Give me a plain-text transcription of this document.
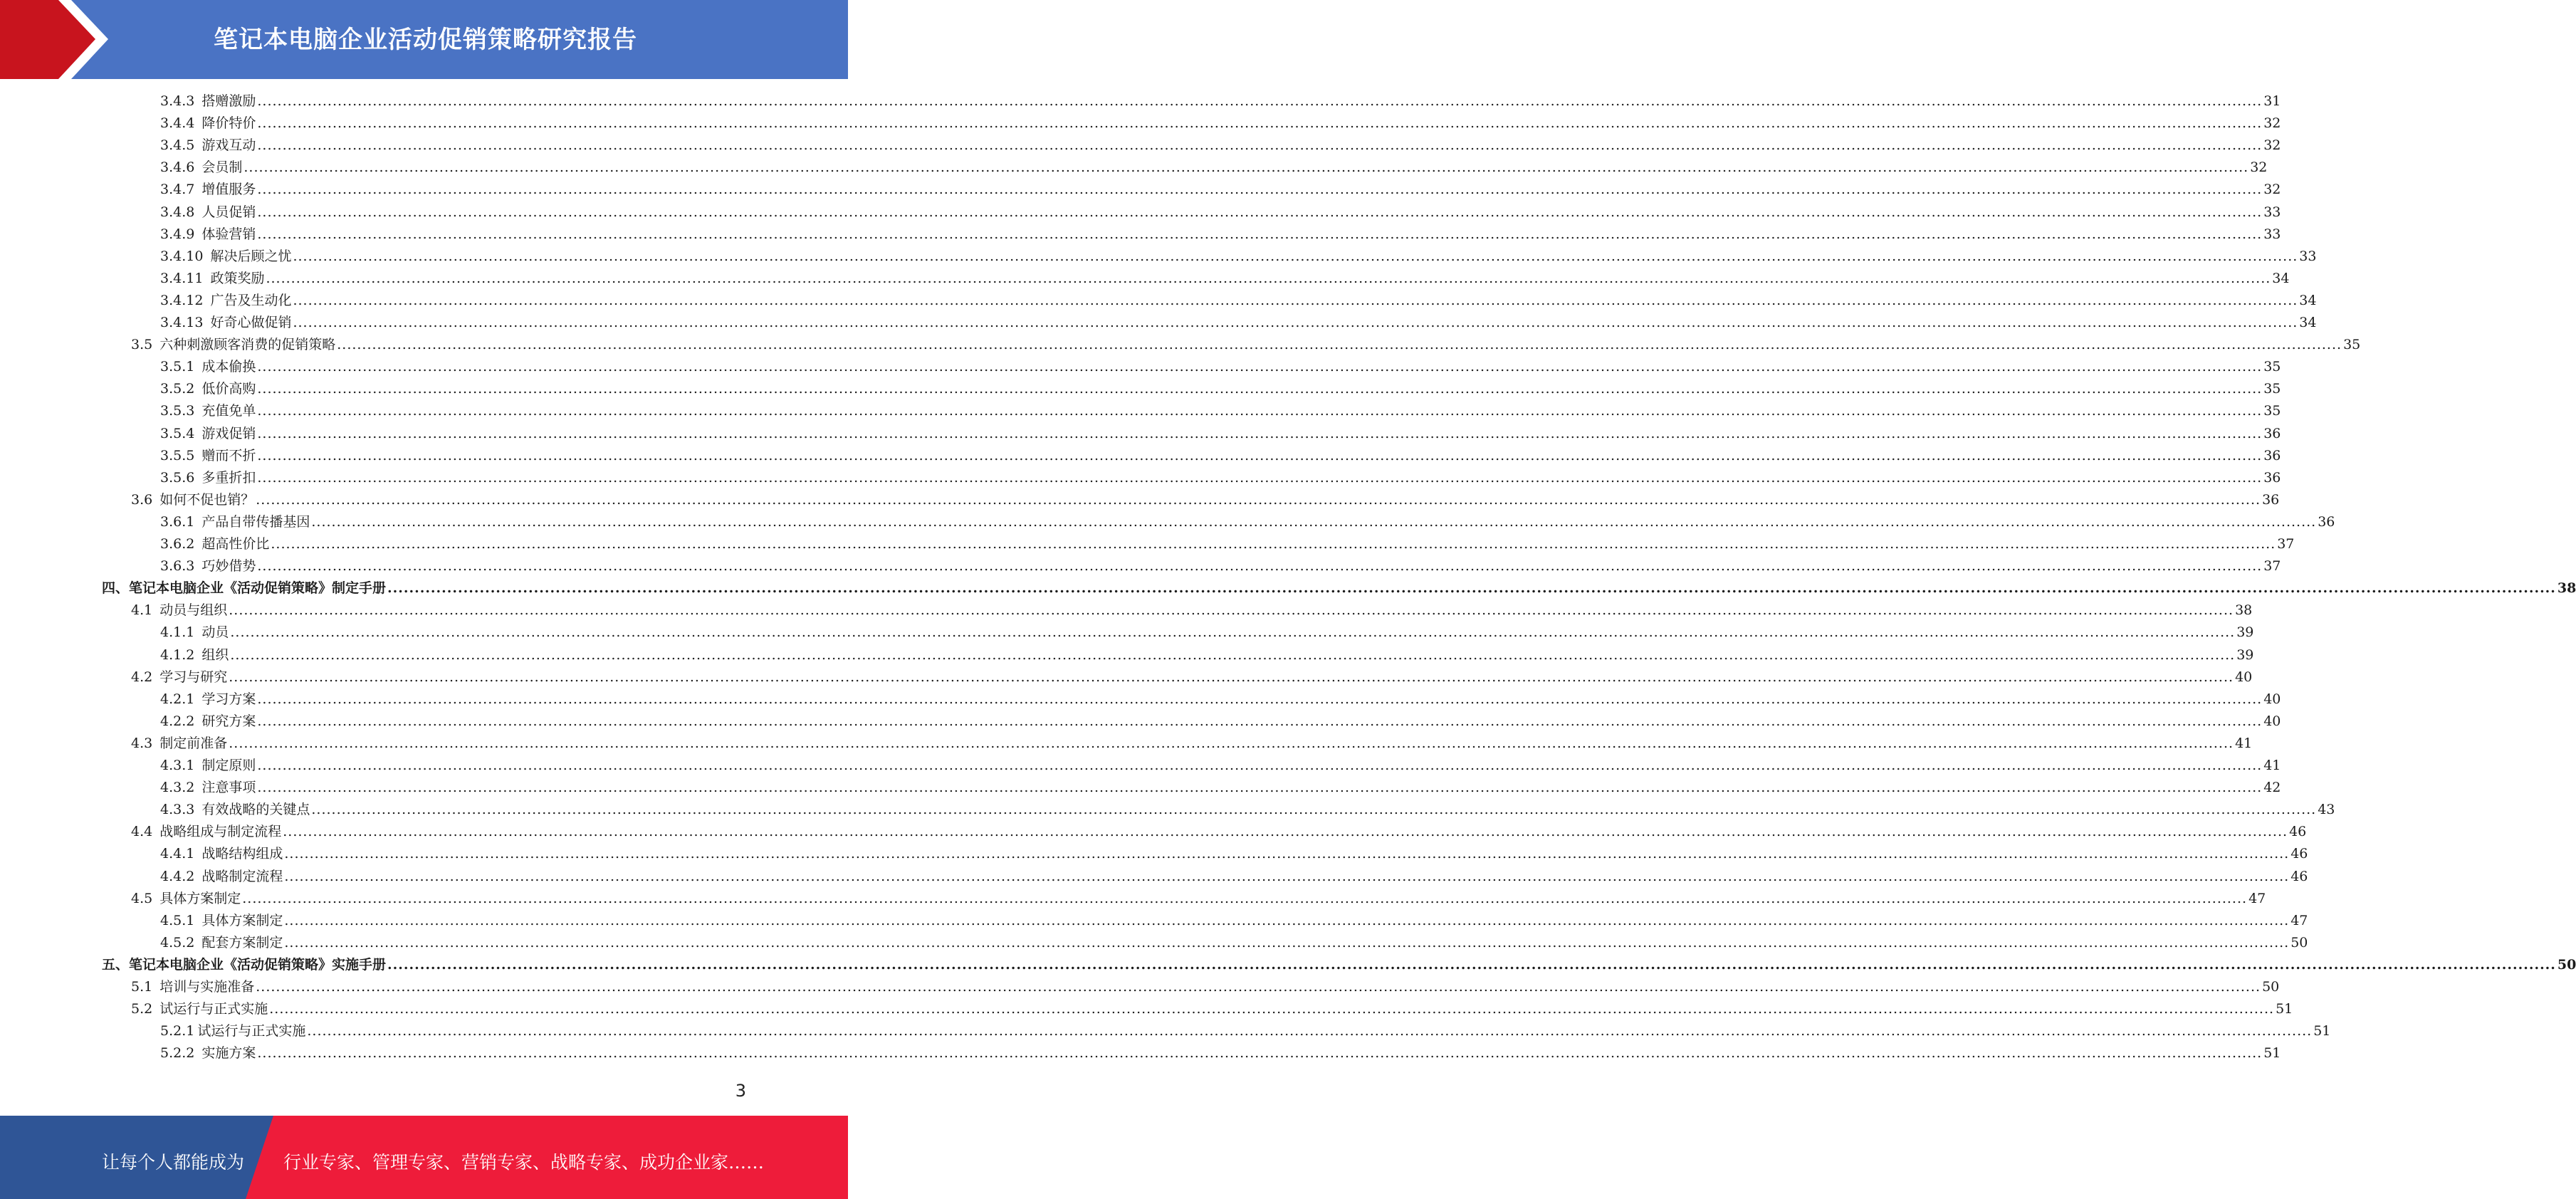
笔记本电脑企业活动促销策略研究报告
3.4.3 搭赠激励 ................................................................................................................................................................................................................................................................................................................................................................................................................ 31
3.4.4 降价特价 ................................................................................................................................................................................................................................................................................................................................................................................................................ 32
3.4.5 游戏互动 ................................................................................................................................................................................................................................................................................................................................................................................................................ 32
3.4.6 会员制 ................................................................................................................................................................................................................................................................................................................................................................................................................ 32
3.4.7 增值服务 ................................................................................................................................................................................................................................................................................................................................................................................................................ 32
3.4.8 人员促销 ................................................................................................................................................................................................................................................................................................................................................................................................................ 33
3.4.9 体验营销 ................................................................................................................................................................................................................................................................................................................................................................................................................ 33
3.4.10 解决后顾之忧 ................................................................................................................................................................................................................................................................................................................................................................................................................ 33
3.4.11 政策奖励 ................................................................................................................................................................................................................................................................................................................................................................................................................ 34
3.4.12 广告及生动化 ................................................................................................................................................................................................................................................................................................................................................................................................................ 34
3.4.13 好奇心做促销 ................................................................................................................................................................................................................................................................................................................................................................................................................ 34
3.5 六种刺激顾客消费的促销策略 ................................................................................................................................................................................................................................................................................................................................................................................................................ 35
3.5.1 成本偷换 ................................................................................................................................................................................................................................................................................................................................................................................................................ 35
3.5.2 低价高购 ................................................................................................................................................................................................................................................................................................................................................................................................................ 35
3.5.3 充值免单 ................................................................................................................................................................................................................................................................................................................................................................................................................ 35
3.5.4 游戏促销 ................................................................................................................................................................................................................................................................................................................................................................................................................ 36
3.5.5 赠而不折 ................................................................................................................................................................................................................................................................................................................................................................................................................ 36
3.5.6 多重折扣 ................................................................................................................................................................................................................................................................................................................................................................................................................ 36
3.6 如何不促也销？ ................................................................................................................................................................................................................................................................................................................................................................................................................ 36
3.6.1 产品自带传播基因 ................................................................................................................................................................................................................................................................................................................................................................................................................ 36
3.6.2 超高性价比 ................................................................................................................................................................................................................................................................................................................................................................................................................ 37
3.6.3 巧妙借势 ................................................................................................................................................................................................................................................................................................................................................................................................................ 37
四、笔记本电脑企业《活动促销策略》制定手册 ................................................................................................................................................................................................................................................................................................................................................................................................................ 38
4.1 动员与组织 ................................................................................................................................................................................................................................................................................................................................................................................................................ 38
4.1.1 动员 ................................................................................................................................................................................................................................................................................................................................................................................................................ 39
4.1.2 组织 ................................................................................................................................................................................................................................................................................................................................................................................................................ 39
4.2 学习与研究 ................................................................................................................................................................................................................................................................................................................................................................................................................ 40
4.2.1 学习方案 ................................................................................................................................................................................................................................................................................................................................................................................................................ 40
4.2.2 研究方案 ................................................................................................................................................................................................................................................................................................................................................................................................................ 40
4.3 制定前准备 ................................................................................................................................................................................................................................................................................................................................................................................................................ 41
4.3.1 制定原则 ................................................................................................................................................................................................................................................................................................................................................................................................................ 41
4.3.2 注意事项 ................................................................................................................................................................................................................................................................................................................................................................................................................ 42
4.3.3 有效战略的关键点 ................................................................................................................................................................................................................................................................................................................................................................................................................ 43
4.4 战略组成与制定流程 ................................................................................................................................................................................................................................................................................................................................................................................................................ 46
4.4.1 战略结构组成 ................................................................................................................................................................................................................................................................................................................................................................................................................ 46
4.4.2 战略制定流程 ................................................................................................................................................................................................................................................................................................................................................................................................................ 46
4.5 具体方案制定 ................................................................................................................................................................................................................................................................................................................................................................................................................ 47
4.5.1 具体方案制定 ................................................................................................................................................................................................................................................................................................................................................................................................................ 47
4.5.2 配套方案制定 ................................................................................................................................................................................................................................................................................................................................................................................................................ 50
五、笔记本电脑企业《活动促销策略》实施手册 ................................................................................................................................................................................................................................................................................................................................................................................................................ 50
5.1 培训与实施准备 ................................................................................................................................................................................................................................................................................................................................................................................................................ 50
5.2 试运行与正式实施 ................................................................................................................................................................................................................................................................................................................................................................................................................ 51
5.2.1 试运行与正式实施 ................................................................................................................................................................................................................................................................................................................................................................................................................ 51
5.2.2 实施方案 ................................................................................................................................................................................................................................................................................................................................................................................................................ 51
3
让每个人都能成为 行业专家、管理专家、营销专家、战略专家、成功企业家……
